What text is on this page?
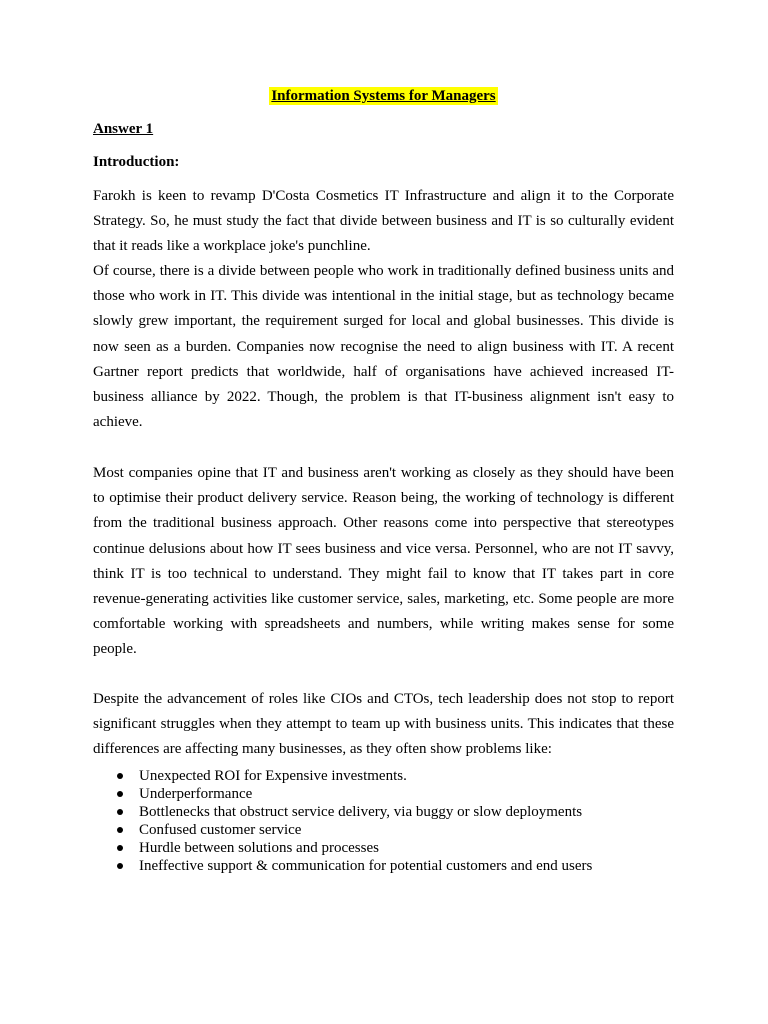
Information Systems for Managers

Answer 1

Introduction:

Farokh is keen to revamp D'Costa Cosmetics IT Infrastructure and align it to the Corporate Strategy. So, he must study the fact that divide between business and IT is so culturally evident that it reads like a workplace joke's punchline.

Of course, there is a divide between people who work in traditionally defined business units and those who work in IT. This divide was intentional in the initial stage, but as technology became slowly grew important, the requirement surged for local and global businesses. This divide is now seen as a burden. Companies now recognise the need to align business with IT. A recent Gartner report predicts that worldwide, half of organisations have achieved increased IT-business alliance by 2022. Though, the problem is that IT-business alignment isn't easy to achieve.

Most companies opine that IT and business aren't working as closely as they should have been to optimise their product delivery service. Reason being, the working of technology is different from the traditional business approach. Other reasons come into perspective that stereotypes continue delusions about how IT sees business and vice versa. Personnel, who are not IT savvy, think IT is too technical to understand. They might fail to know that IT takes part in core revenue-generating activities like customer service, sales, marketing, etc. Some people are more comfortable working with spreadsheets and numbers, while writing makes sense for some people.

Despite the advancement of roles like CIOs and CTOs, tech leadership does not stop to report significant struggles when they attempt to team up with business units. This indicates that these differences are affecting many businesses, as they often show problems like:

Unexpected ROI for Expensive investments.
Underperformance
Bottlenecks that obstruct service delivery, via buggy or slow deployments
Confused customer service
Hurdle between solutions and processes
Ineffective support & communication for potential customers and end users
